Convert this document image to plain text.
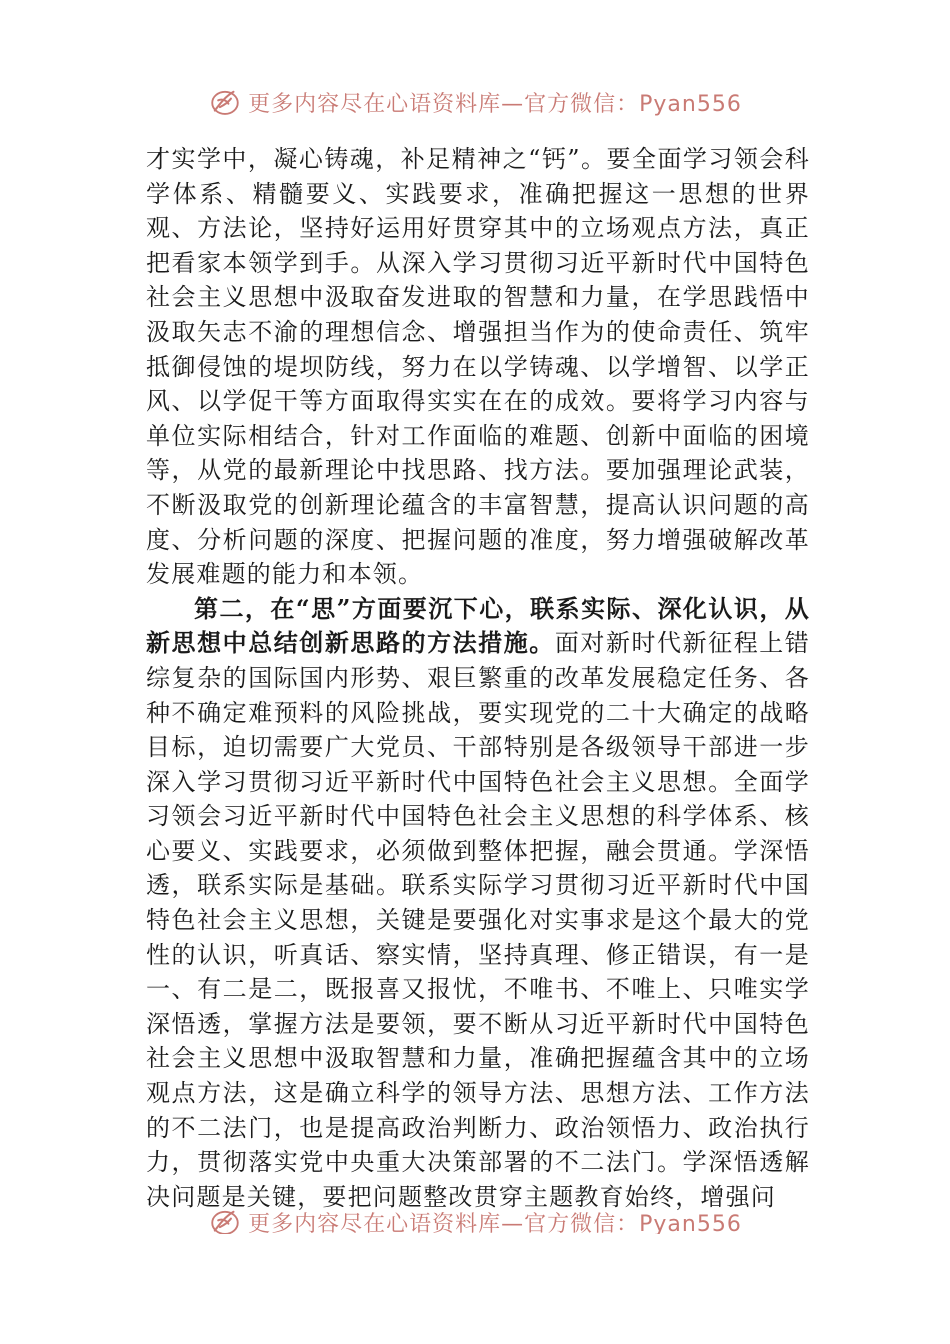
更多内容尽在心语资料库—官方微信：Pyan556

才实学中，凝心铸魂，补足精神之“钙”。要全面学习领会科学体系、精髓要义、实践要求，准确把握这一思想的世界观、方法论，坚持好运用好贯穿其中的立场观点方法，真正把看家本领学到手。从深入学习贯彻习近平新时代中国特色社会主义思想中汲取奋发进取的智慧和力量，在学思践悟中汲取矢志不渝的理想信念、增强担当作为的使命责任、筑牢抵御侵蚀的堤坝防线，努力在以学铸魂、以学增智、以学正风、以学促干等方面取得实实在在的成效。要将学习内容与单位实际相结合，针对工作面临的难题、创新中面临的困境等，从党的最新理论中找思路、找方法。要加强理论武装，不断汲取党的创新理论蕴含的丰富智慧，提高认识问题的高度、分析问题的深度、把握问题的准度，努力增强破解改革发展难题的能力和本领。

第二，在“思”方面要沉下心，联系实际、深化认识，从新思想中总结创新思路的方法措施。面对新时代新征程上错综复杂的国际国内形势、艰巨繁重的改革发展稳定任务、各种不确定难预料的风险挑战，要实现党的二十大确定的战略目标，迫切需要广大党员、干部特别是各级领导干部进一步深入学习贯彻习近平新时代中国特色社会主义思想。全面学习领会习近平新时代中国特色社会主义思想的科学体系、核心要义、实践要求，必须做到整体把握，融会贯通。学深悟透，联系实际是基础。联系实际学习贯彻习近平新时代中国特色社会主义思想，关键是要强化对实事求是这个最大的党性的认识，听真话、察实情，坚持真理、修正错误，有一是一、有二是二，既报喜又报忧，不唯书、不唯上、只唯实学深悟透，掌握方法是要领，要不断从习近平新时代中国特色社会主义思想中汲取智慧和力量，准确把握蕴含其中的立场观点方法，这是确立科学的领导方法、思想方法、工作方法的不二法门，也是提高政治判断力、政治领悟力、政治执行力，贯彻落实党中央重大决策部署的不二法门。学深悟透解决问题是关键，要把问题整改贯穿主题教育始终，增强问

更多内容尽在心语资料库—官方微信：Pyan556
